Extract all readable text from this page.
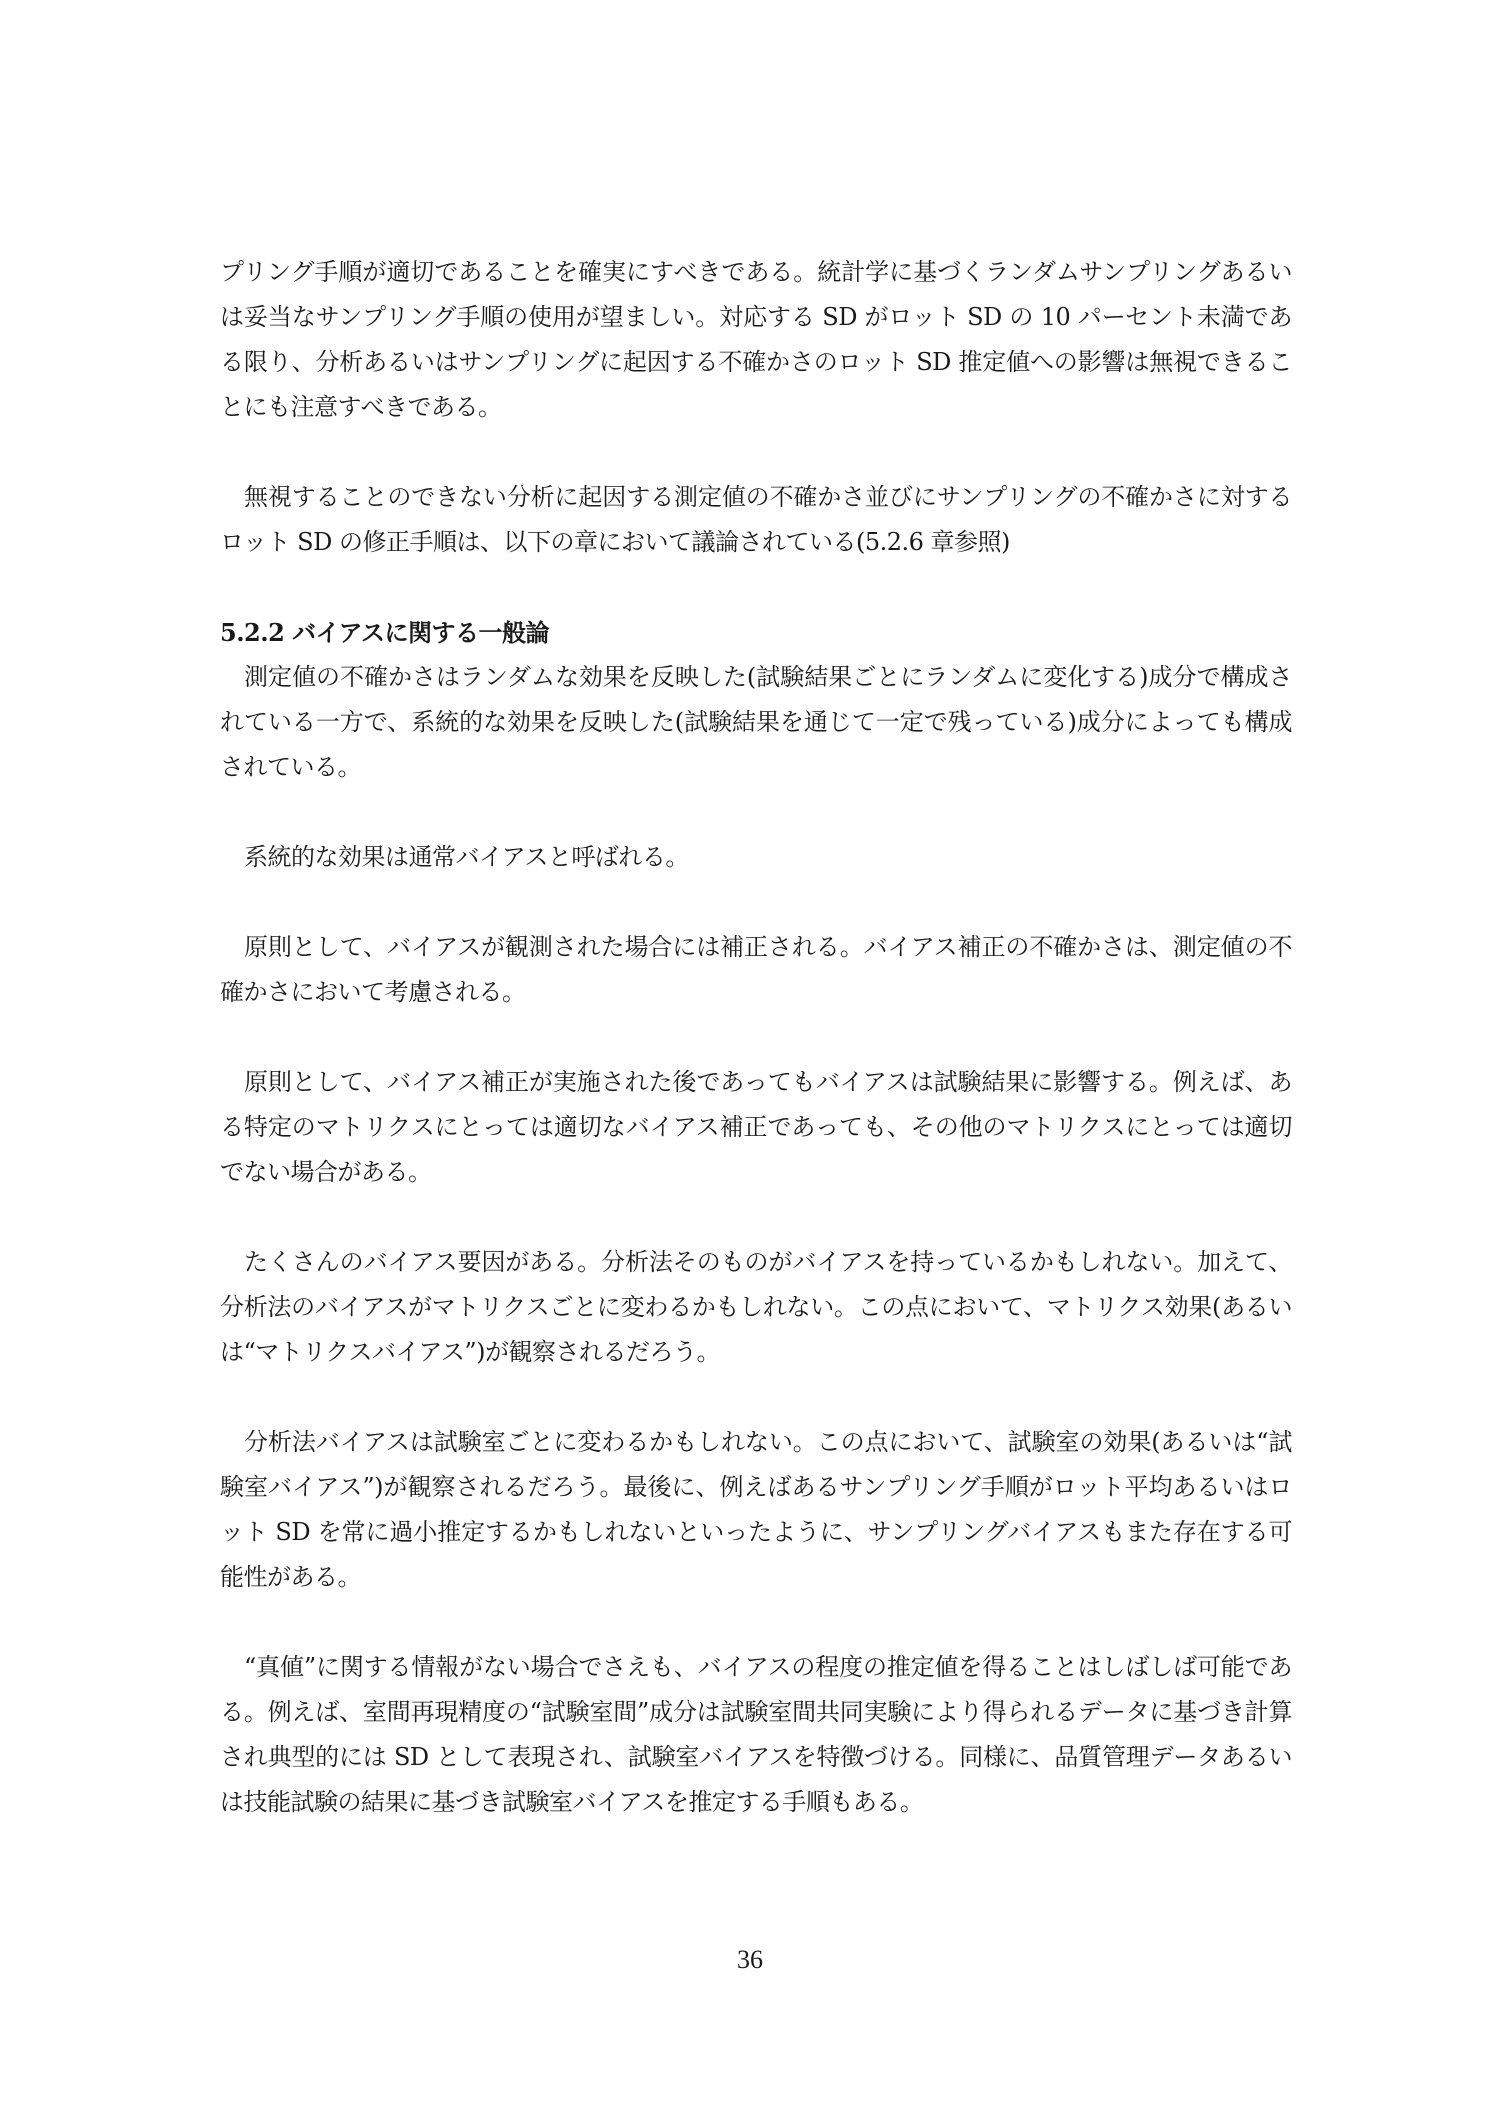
プリング手順が適切であることを確実にすべきである。統計学に基づくランダムサンプリングあるいは妥当なサンプリング手順の使用が望ましい。対応する SD がロット SD の 10 パーセント未満である限り、分析あるいはサンプリングに起因する不確かさのロット SD 推定値への影響は無視できることにも注意すべきである。

無視することのできない分析に起因する測定値の不確かさ並びにサンプリングの不確かさに対するロット SD の修正手順は、以下の章において議論されている(5.2.6 章参照)

5.2.2 バイアスに関する一般論

測定値の不確かさはランダムな効果を反映した(試験結果ごとにランダムに変化する)成分で構成されている一方で、系統的な効果を反映した(試験結果を通じて一定で残っている)成分によっても構成されている。

系統的な効果は通常バイアスと呼ばれる。

原則として、バイアスが観測された場合には補正される。バイアス補正の不確かさは、測定値の不確かさにおいて考慮される。

原則として、バイアス補正が実施された後であってもバイアスは試験結果に影響する。例えば、ある特定のマトリクスにとっては適切なバイアス補正であっても、その他のマトリクスにとっては適切でない場合がある。

たくさんのバイアス要因がある。分析法そのものがバイアスを持っているかもしれない。加えて、分析法のバイアスがマトリクスごとに変わるかもしれない。この点において、マトリクス効果(あるいは“マトリクスバイアス”)が観察されるだろう。

分析法バイアスは試験室ごとに変わるかもしれない。この点において、試験室の効果(あるいは“試験室バイアス”)が観察されるだろう。最後に、例えばあるサンプリング手順がロット平均あるいはロット SD を常に過小推定するかもしれないといったように、サンプリングバイアスもまた存在する可能性がある。

“真値”に関する情報がない場合でさえも、バイアスの程度の推定値を得ることはしばしば可能である。例えば、室間再現精度の“試験室間”成分は試験室間共同実験により得られるデータに基づき計算され典型的には SD として表現され、試験室バイアスを特徴づける。同様に、品質管理データあるいは技能試験の結果に基づき試験室バイアスを推定する手順もある。

36
